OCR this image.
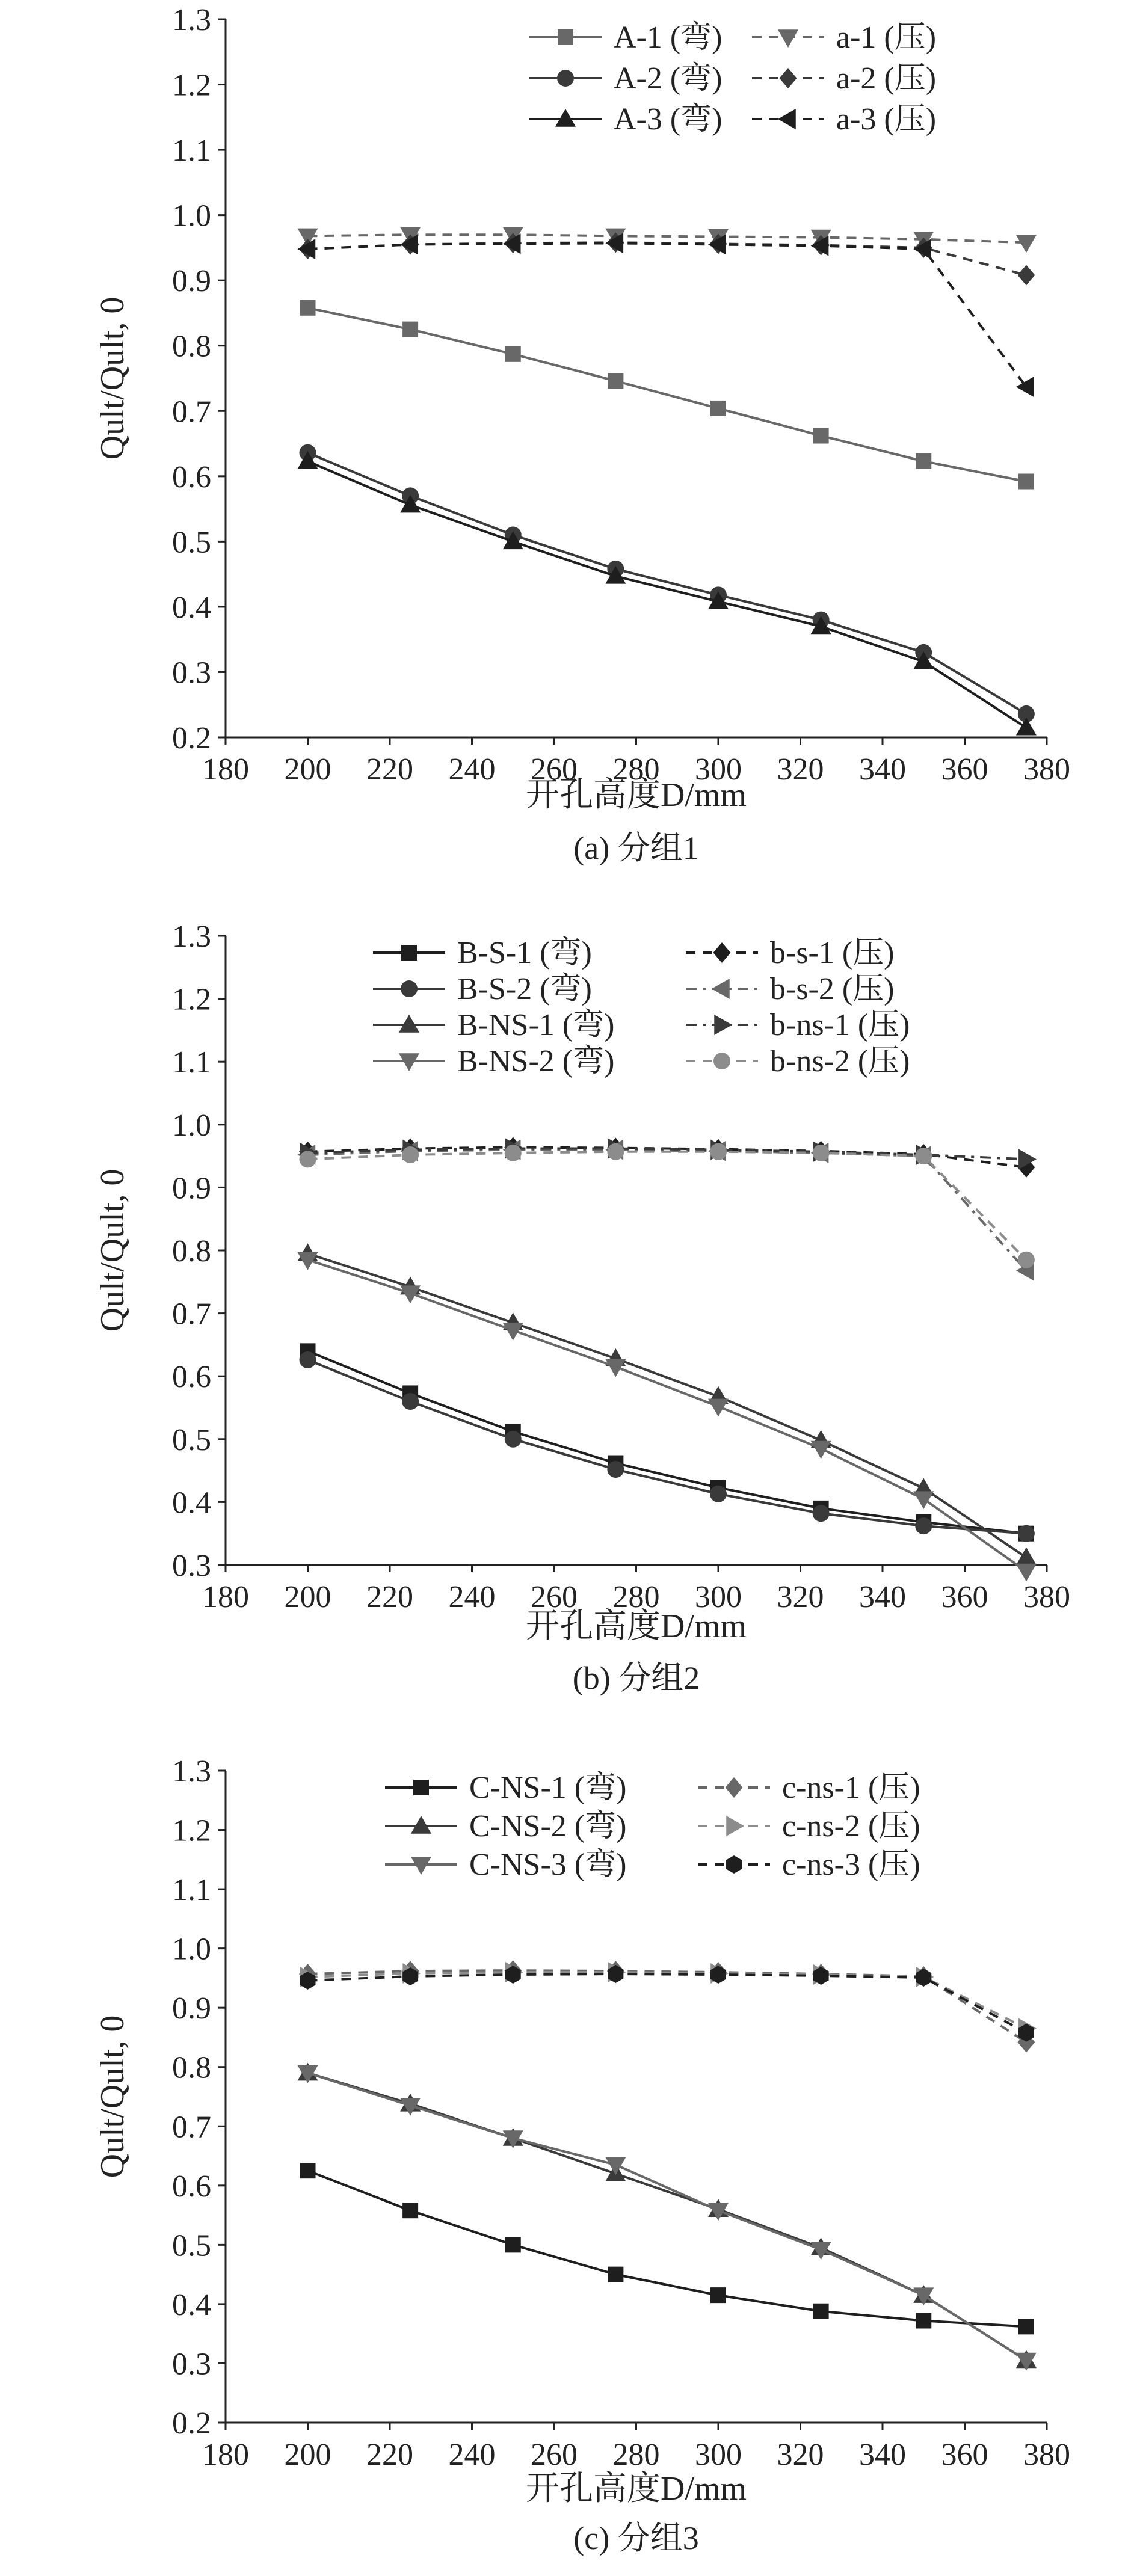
0.2
0.3
0.4
0.5
0.6
0.7
0.8
0.9
1.0
1.1
1.2
1.3
180 200 220 240 260 280 300 320 340 360 380
开孔高度D/mm
Qult/Qult, 0
(a) 分组1
A-1 (弯)
A-2 (弯)
A-3 (弯)
a-1 (压)
a-2 (压)
a-3 (压)
0.3
0.4
0.5
0.6
0.7
0.8
0.9
1.0
1.1
1.2
1.3
180 200 220 240 260 280 300 320 340 360 380
开孔高度D/mm
Qult/Qult, 0
(b) 分组2
B-S-1 (弯)
B-S-2 (弯)
B-NS-1 (弯)
B-NS-2 (弯)
b-s-1 (压)
b-s-2 (压)
b-ns-1 (压)
b-ns-2 (压)
0.2
0.3
0.4
0.5
0.6
0.7
0.8
0.9
1.0
1.1
1.2
1.3
180 200 220 240 260 280 300 320 340 360 380
开孔高度D/mm
Qult/Qult, 0
(c) 分组3
C-NS-1 (弯)
C-NS-2 (弯)
C-NS-3 (弯)
c-ns-1 (压)
c-ns-2 (压)
c-ns-3 (压)
